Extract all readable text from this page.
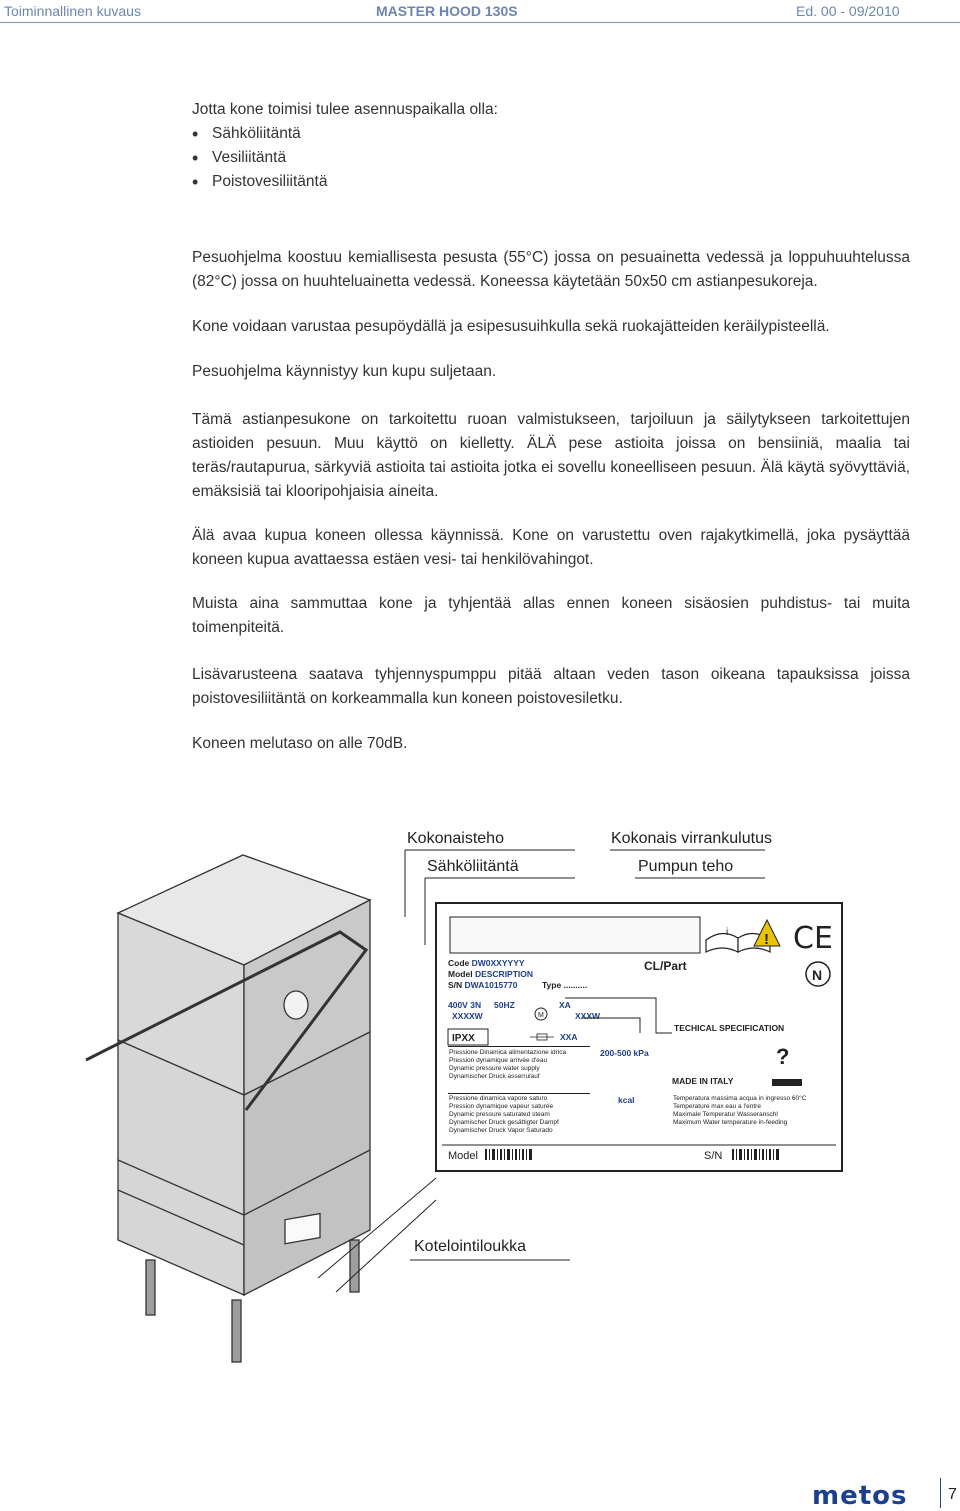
Toiminnallinen kuvaus	MASTER HOOD 130S	Ed. 00 - 09/2010

Jotta kone toimisi tulee asennuspaikalla olla:

• Sähköliitäntä
• Vesiliitäntä
• Poistovesiliitäntä

Pesuohjelma koostuu kemiallisesta pesusta (55°C) jossa on pesuainetta vedessä ja loppuhuuhtelussa (82°C) jossa on huuhteluainetta vedessä. Koneessa käytetään 50x50 cm astianpesukoreja.

Kone voidaan varustaa pesupöydällä ja esipesusuihkulla sekä ruokajätteiden keräilypisteellä.

Pesuohjelma käynnistyy kun kupu suljetaan.

Tämä astianpesukone on tarkoitettu ruoan valmistukseen, tarjoiluun ja säilytykseen tarkoitettujen astioiden pesuun. Muu käyttö on kielletty. ÄLÄ pese astioita joissa on bensiiniä, maalia tai teräs/rautapurua, särkyviä astioita tai astioita jotka ei sovellu koneelliseen pesuun. Älä käytä syövyttäviä, emäksisiä tai klooripohjaisia aineita.

Älä avaa kupua koneen ollessa käynnissä. Kone on varustettu oven rajakytkimellä, joka pysäyttää koneen kupua avattaessa estäen vesi- tai henkilövahingot.

Muista aina sammuttaa kone ja tyhjentää allas ennen koneen sisäosien puhdistus- tai muita toimenpiteitä.

Lisävarusteena saatava tyhjennyspumppu pitää altaan veden tason oikeana tapauksissa joissa poistovesiliitäntä on korkeammalla kun koneen poistovesiletku.

Koneen melutaso on alle 70dB.

Kokonaisteho
Sähköliitäntä
Kokonais virrankulutus
Pumpun teho
Kotelointiloukka
i ! CE
N
Code DW0XXYYYY
Model DESCRIPTION
S/N DWA1015770	Type ..........
400V 3N 50HZ	XA
XXXXW	XXXW
XXA
200-500 kPa
kcal
CL/Part
IPXX
M
Pressione Dinamica alimentazione idrica
Pression dynamique arrivée d'eau
Dynamic pressure water supply
Dynamischer Druck asserrulauf
Pressione dinamica vapore saturo
Pression dynamique vapeur saturée
Dynamic pressure saturated steam
Dynamischer Druck gesättigter Dampf
Dynamischer Druck Vapor Saturado
Temperatura massima acqua in ingresso 60°C
Temperature max eau a l'entre
Maximale Temperatur Wasseranschl
Maximum Water temperature in-feeding
TECHICAL SPECIFICATION
MADE IN ITALY
?
Model	S/N
metos	7
